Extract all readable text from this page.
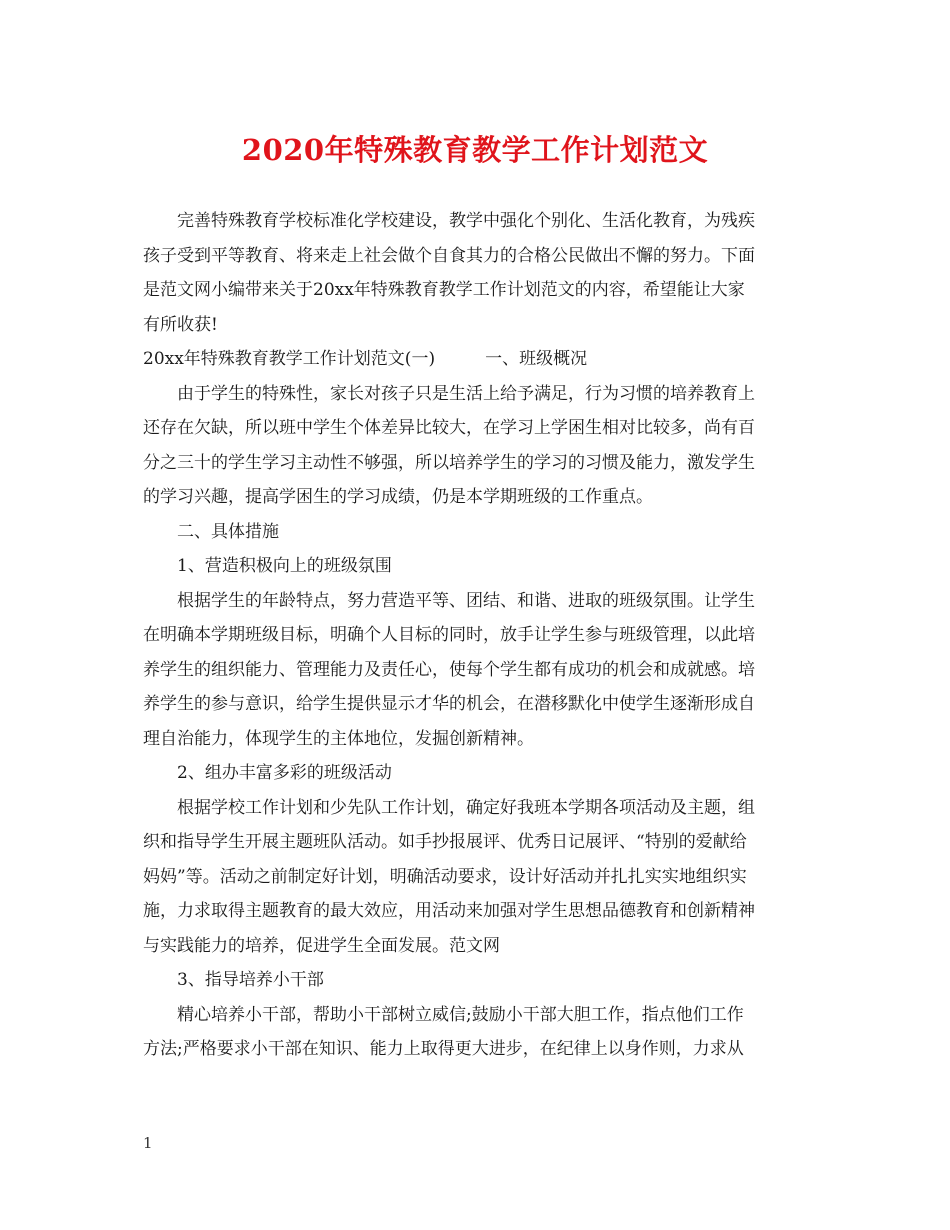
2020年特殊教育教学工作计划范文
完善特殊教育学校标准化学校建设，教学中强化个别化、生活化教育，为残疾
孩子受到平等教育、将来走上社会做个自食其力的合格公民做出不懈的努力。下面
是范文网小编带来关于20xx年特殊教育教学工作计划范文的内容，希望能让大家
有所收获!
20xx年特殊教育教学工作计划范文(一)	一、班级概况
由于学生的特殊性，家长对孩子只是生活上给予满足，行为习惯的培养教育上
还存在欠缺，所以班中学生个体差异比较大，在学习上学困生相对比较多，尚有百
分之三十的学生学习主动性不够强，所以培养学生的学习的习惯及能力，激发学生
的学习兴趣，提高学困生的学习成绩，仍是本学期班级的工作重点。
二、具体措施
1、营造积极向上的班级氛围
根据学生的年龄特点，努力营造平等、团结、和谐、进取的班级氛围。让学生
在明确本学期班级目标，明确个人目标的同时，放手让学生参与班级管理，以此培
养学生的组织能力、管理能力及责任心，使每个学生都有成功的机会和成就感。培
养学生的参与意识，给学生提供显示才华的机会，在潜移默化中使学生逐渐形成自
理自治能力，体现学生的主体地位，发掘创新精神。
2、组办丰富多彩的班级活动
根据学校工作计划和少先队工作计划，确定好我班本学期各项活动及主题，组
织和指导学生开展主题班队活动。如手抄报展评、优秀日记展评、“特别的爱献给
妈妈”等。活动之前制定好计划，明确活动要求，设计好活动并扎扎实实地组织实
施，力求取得主题教育的最大效应，用活动来加强对学生思想品德教育和创新精神
与实践能力的培养，促进学生全面发展。范文网
3、指导培养小干部
精心培养小干部，帮助小干部树立威信;鼓励小干部大胆工作，指点他们工作
方法;严格要求小干部在知识、能力上取得更大进步，在纪律上以身作则，力求从
1
